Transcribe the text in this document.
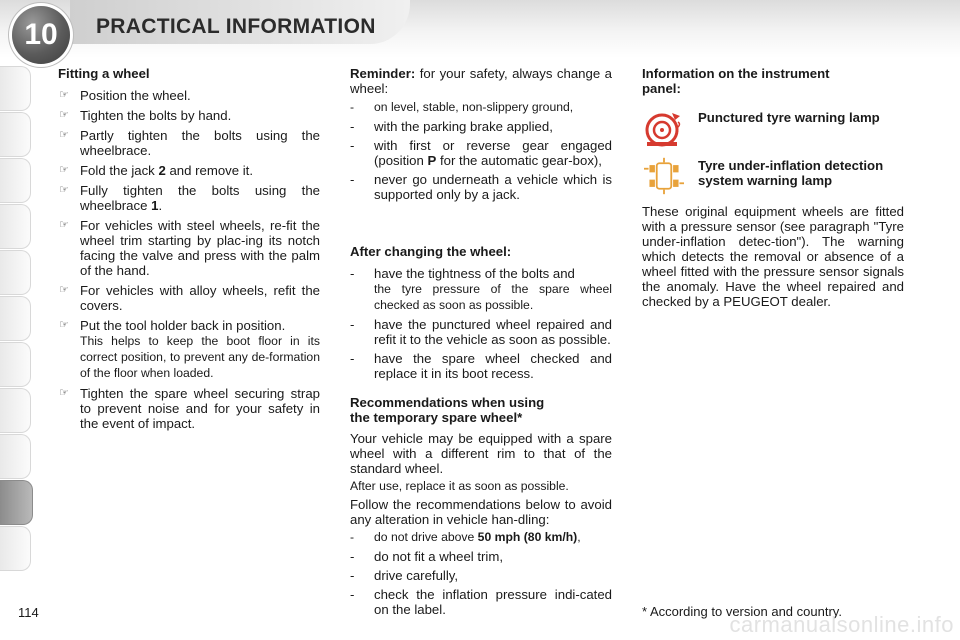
PRACTICAL INFORMATION
10
Fitting a wheel
☞ Position the wheel.
☞ Tighten the bolts by hand.
☞ Partly tighten the bolts using the wheelbrace.
☞ Fold the jack 2 and remove it.
☞ Fully tighten the bolts using the wheelbrace 1.
☞ For vehicles with steel wheels, re-fit the wheel trim starting by plac-ing its notch facing the valve and press with the palm of the hand.
☞ For vehicles with alloy wheels, refit the covers.
☞ Put the tool holder back in position.
This helps to keep the boot floor in its correct position, to prevent any de-formation of the floor when loaded.
☞ Tighten the spare wheel securing strap to prevent noise and for your safety in the event of impact.
Reminder: for your safety, always change a wheel:
- on level, stable, non-slippery ground,
- with the parking brake applied,
- with first or reverse gear engaged (position P for the automatic gear-box),
- never go underneath a vehicle which is supported only by a jack.
After changing the wheel:
- have the tightness of the bolts and
the tyre pressure of the spare wheel checked as soon as possible.
- have the punctured wheel repaired and refit it to the vehicle as soon as possible.
- have the spare wheel checked and replace it in its boot recess.
Recommendations when using
the temporary spare wheel*
Your vehicle may be equipped with a spare wheel with a different rim to that of the standard wheel.
After use, replace it as soon as possible.
Follow the recommendations below to avoid any alteration in vehicle han-dling:
- do not drive above 50 mph (80 km/h),
- do not fit a wheel trim,
- drive carefully,
- check the inflation pressure indi-cated on the label.
Information on the instrument panel:
Punctured tyre warning lamp
Tyre under-inflation detection system warning lamp
These original equipment wheels are fitted with a pressure sensor (see paragraph "Tyre under-inflation detec-tion"). The warning which detects the removal or absence of a wheel fitted with the pressure sensor signals the anomaly. Have the wheel repaired and checked by a PEUGEOT dealer.
114	* According to version and country.
carmanualsonline.info
